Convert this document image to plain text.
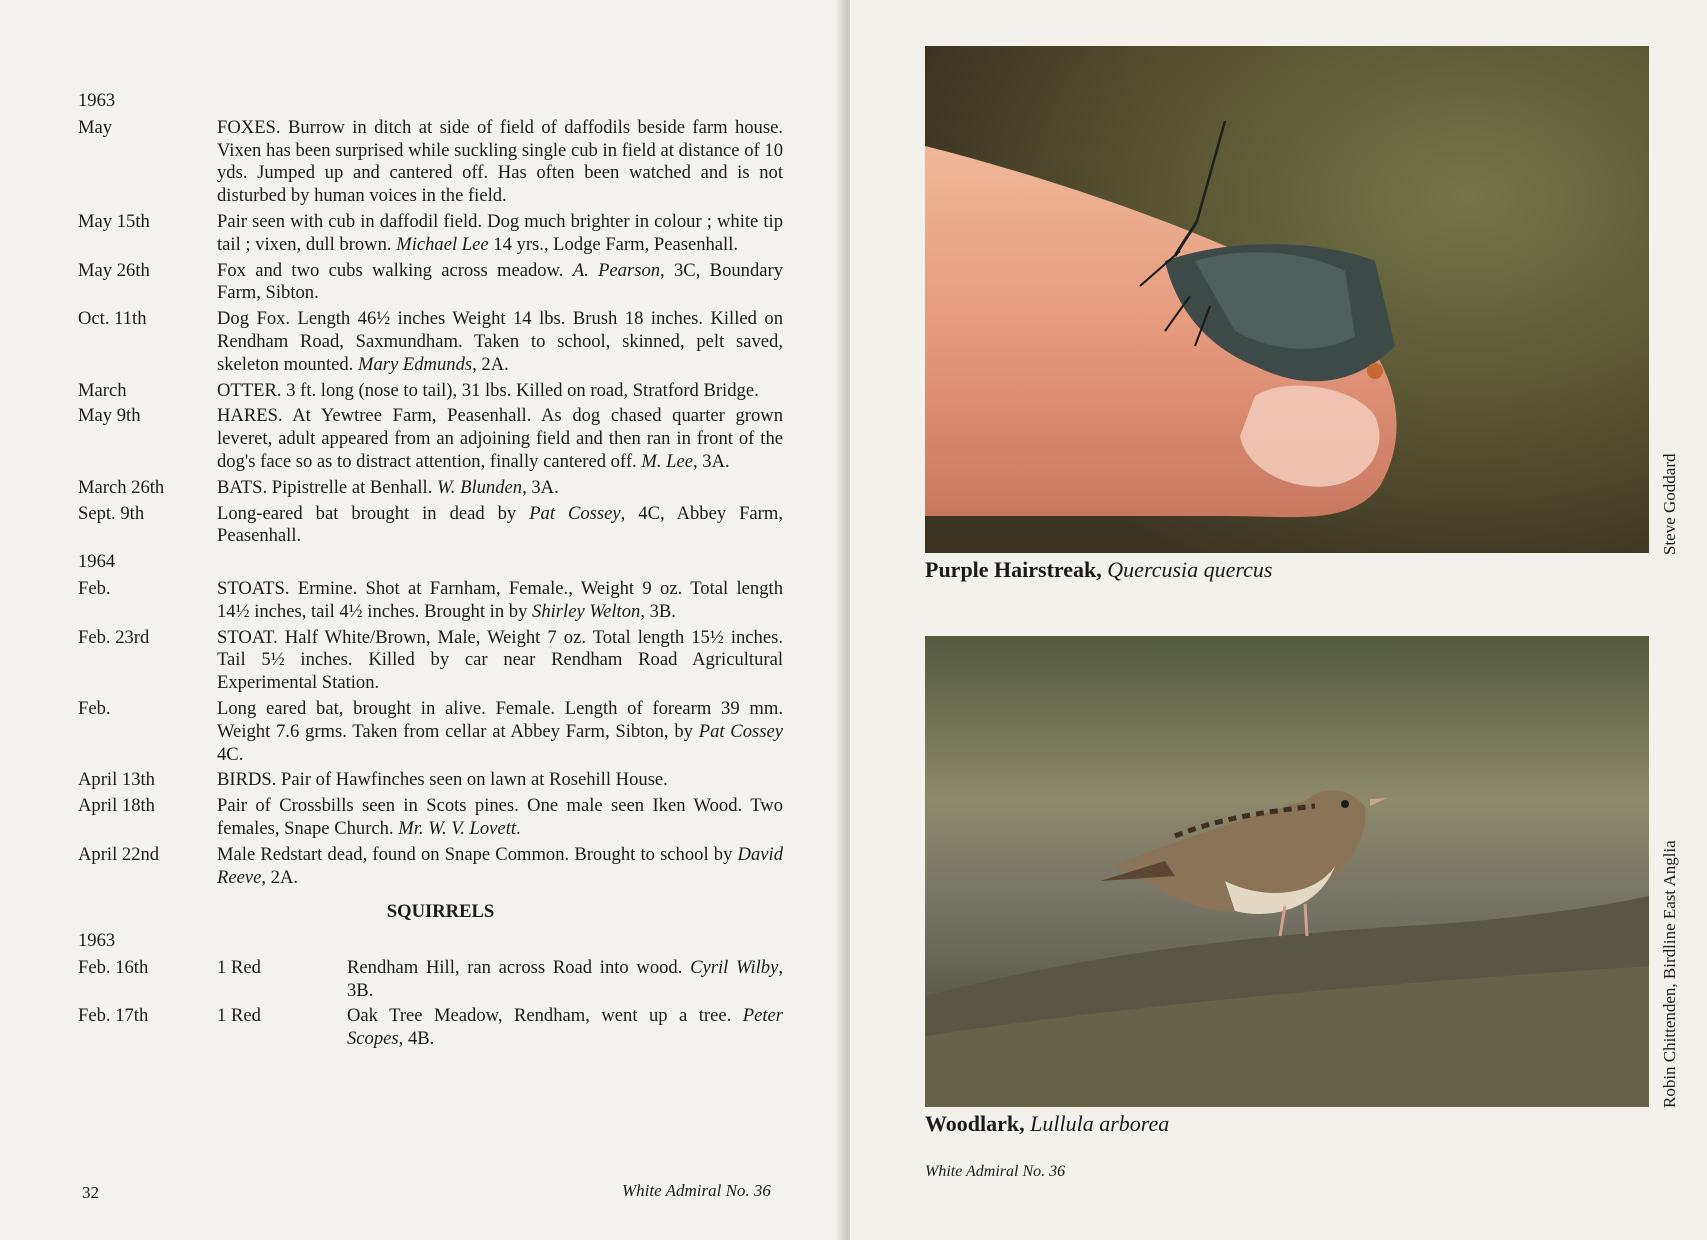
1963
May	FOXES. Burrow in ditch at side of field of daffodils beside farm house. Vixen has been surprised while suckling single cub in field at distance of 10 yds. Jumped up and cantered off. Has often been watched and is not disturbed by human voices in the field.
May 15th	Pair seen with cub in daffodil field. Dog much brighter in colour ; white tip tail ; vixen, dull brown. Michael Lee 14 yrs., Lodge Farm, Peasenhall.
May 26th	Fox and two cubs walking across meadow. A. Pearson, 3C, Boundary Farm, Sibton.
Oct. 11th	Dog Fox. Length 46½ inches Weight 14 lbs. Brush 18 inches. Killed on Rendham Road, Saxmundham. Taken to school, skinned, pelt saved, skeleton mounted. Mary Edmunds, 2A.
March	OTTER. 3 ft. long (nose to tail), 31 lbs. Killed on road, Stratford Bridge.
May 9th	HARES. At Yewtree Farm, Peasenhall. As dog chased quarter grown leveret, adult appeared from an adjoining field and then ran in front of the dog's face so as to distract attention, finally cantered off. M. Lee, 3A.
March 26th	BATS. Pipistrelle at Benhall. W. Blunden, 3A.
Sept. 9th	Long-eared bat brought in dead by Pat Cossey, 4C, Abbey Farm, Peasenhall.
1964
Feb.	STOATS. Ermine. Shot at Farnham, Female., Weight 9 oz. Total length 14½ inches, tail 4½ inches. Brought in by Shirley Welton, 3B.
Feb. 23rd	STOAT. Half White/Brown, Male, Weight 7 oz. Total length 15½ inches. Tail 5½ inches. Killed by car near Rendham Road Agricultural Experimental Station.
Feb.	Long eared bat, brought in alive. Female. Length of forearm 39 mm. Weight 7.6 grms. Taken from cellar at Abbey Farm, Sibton, by Pat Cossey 4C.
April 13th	BIRDS. Pair of Hawfinches seen on lawn at Rosehill House.
April 18th	Pair of Crossbills seen in Scots pines. One male seen Iken Wood. Two females, Snape Church. Mr. W. V. Lovett.
April 22nd	Male Redstart dead, found on Snape Common. Brought to school by David Reeve, 2A.
SQUIRRELS
1963
Feb. 16th	1 Red	Rendham Hill, ran across Road into wood. Cyril Wilby, 3B.
Feb. 17th	1 Red	Oak Tree Meadow, Rendham, went up a tree. Peter Scopes, 4B.
32	White Admiral No. 36
Purple Hairstreak, Quercusia quercus
Steve Goddard
Woodlark, Lullula arborea
Robin Chittenden, Birdline East Anglia
White Admiral No. 36
